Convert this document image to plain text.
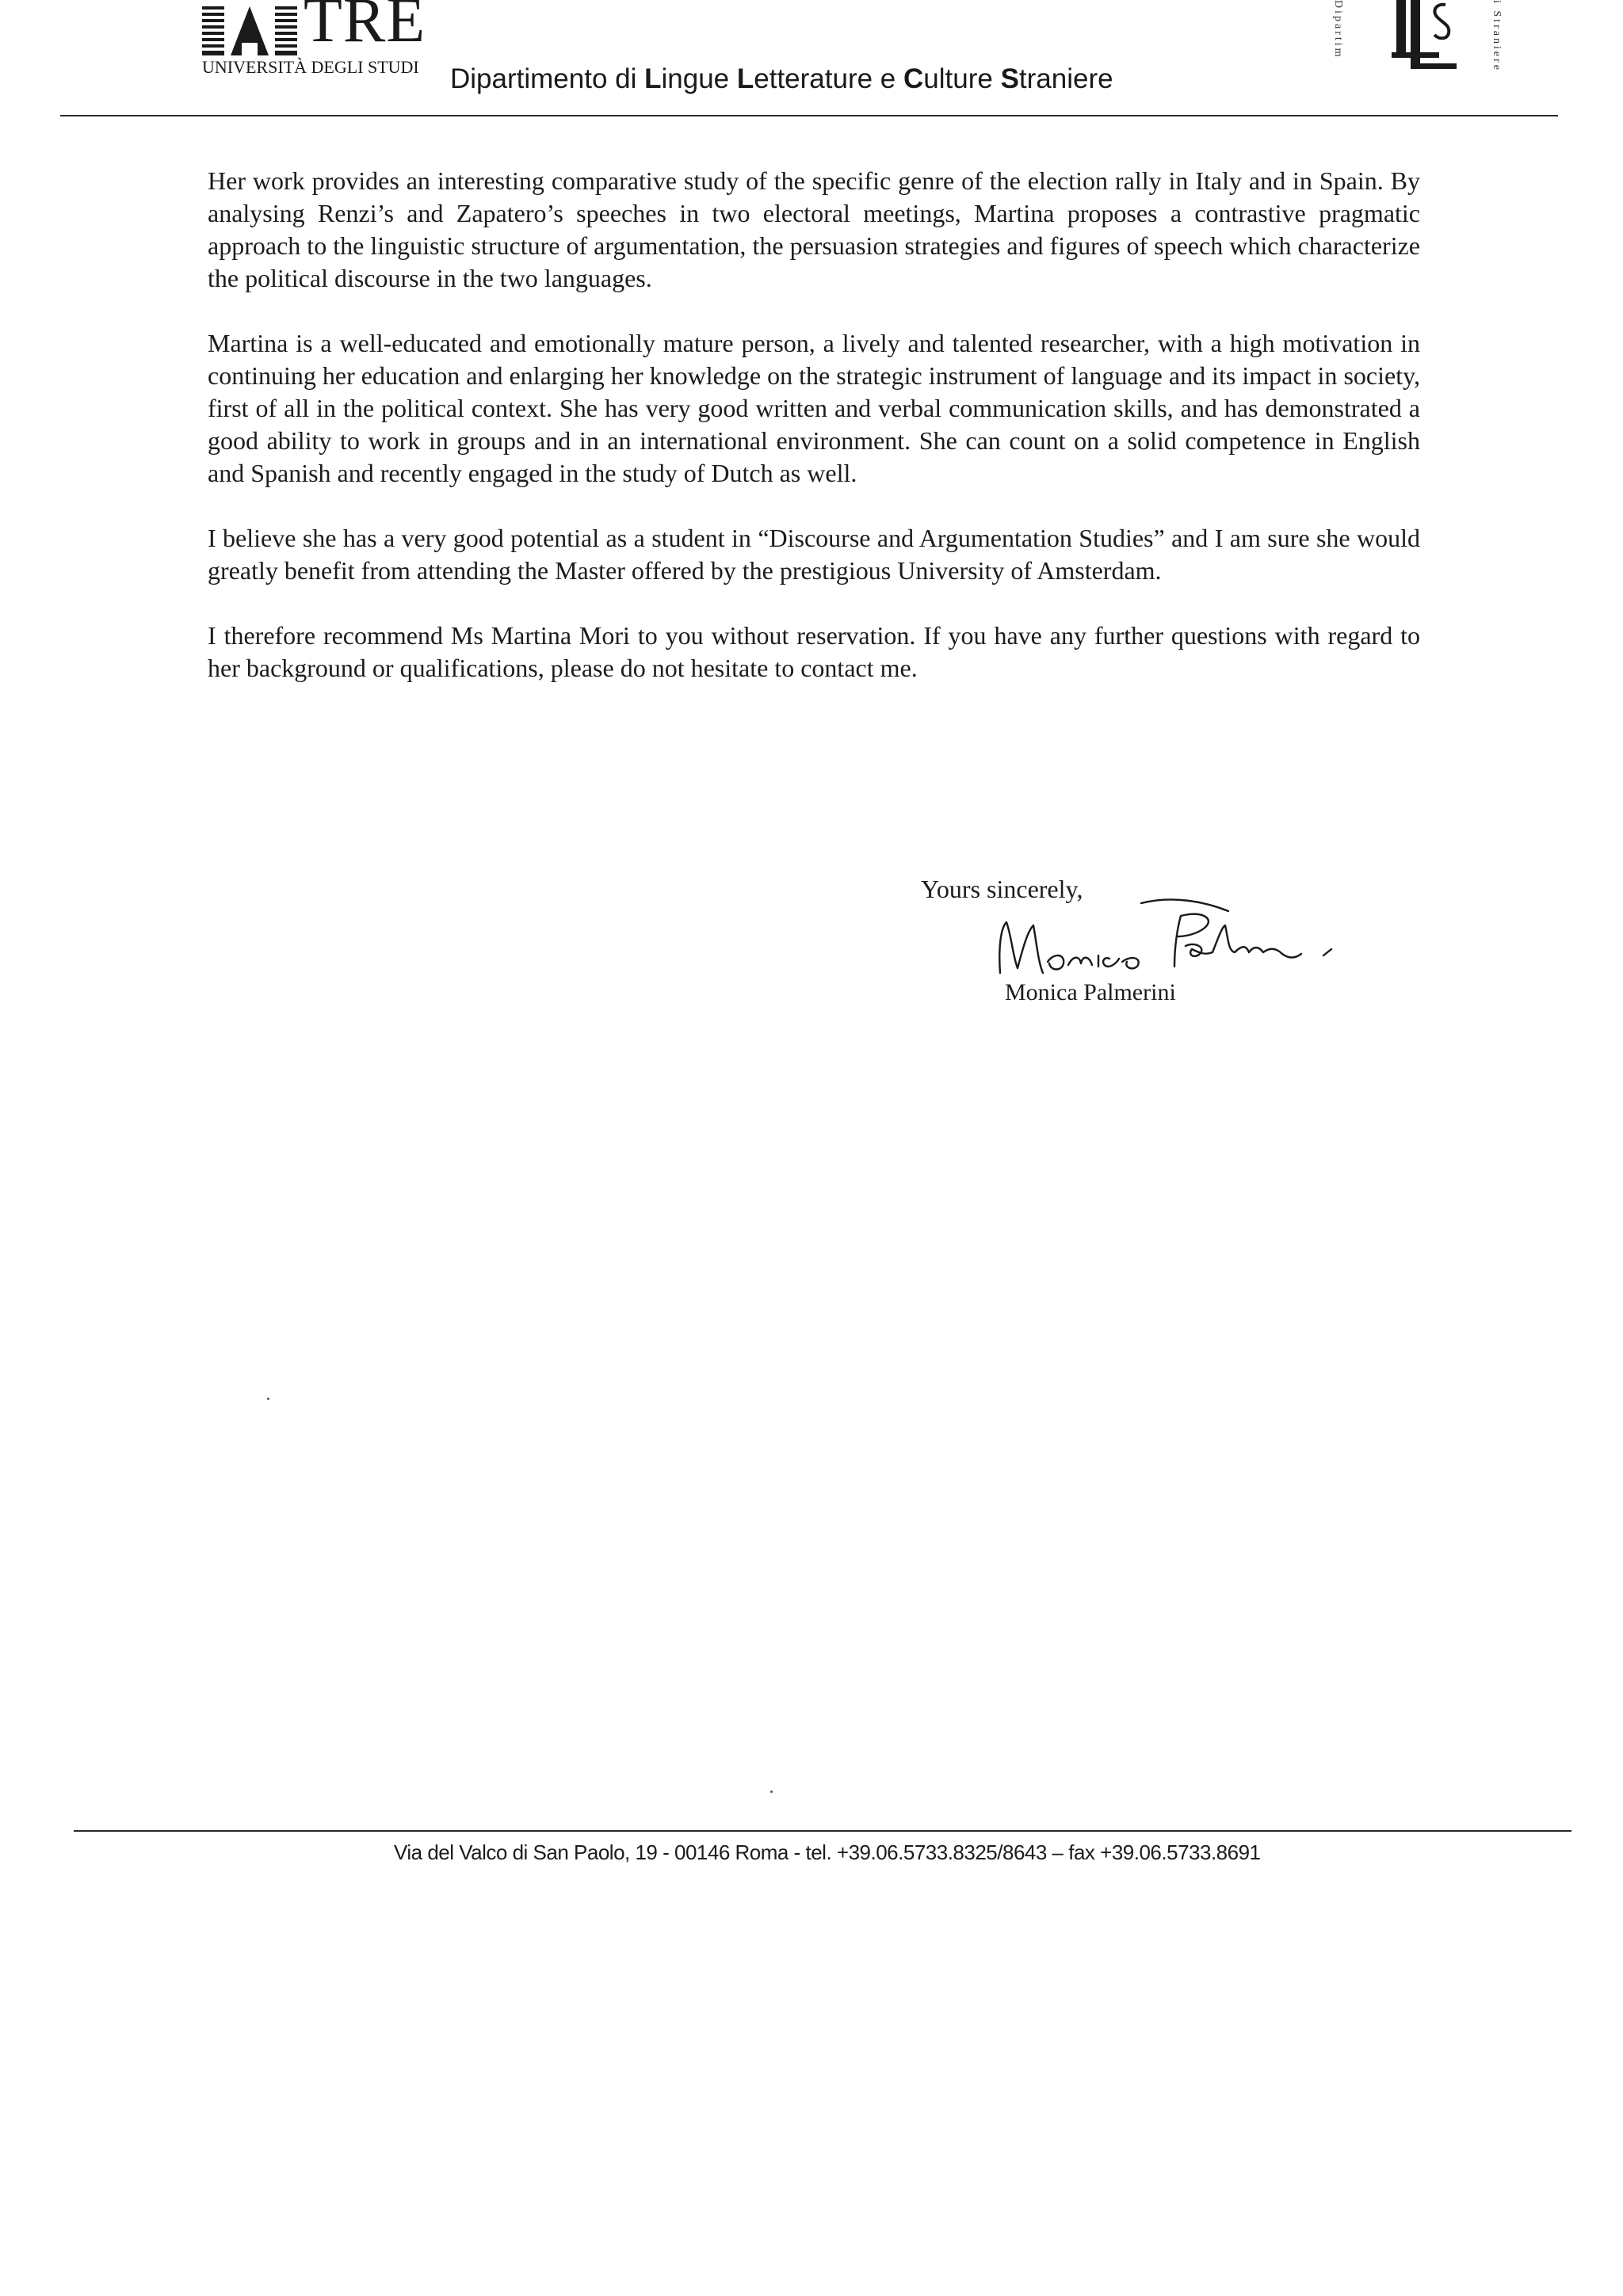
TRE
UNIVERSITÀ DEGLI STUDI Dipartimento di Lingue Letterature e Culture Straniere
Dipartim	i Straniere

Her work provides an interesting comparative study of the specific genre of the election rally in Italy and in Spain. By analysing Renzi’s and Zapatero’s speeches in two electoral meetings, Martina proposes a contrastive pragmatic approach to the linguistic structure of argumentation, the persuasion strategies and figures of speech which characterize the political discourse in the two languages.

Martina is a well-educated and emotionally mature person, a lively and talented researcher, with a high motivation in continuing her education and enlarging her knowledge on the strategic instrument of language and its impact in society, first of all in the political context. She has very good written and verbal communication skills, and has demonstrated a good ability to work in groups and in an international environment. She can count on a solid competence in English and Spanish and recently engaged in the study of Dutch as well.

I believe she has a very good potential as a student in “Discourse and Argumentation Studies” and I am sure she would greatly benefit from attending the Master offered by the prestigious University of Amsterdam.

I therefore recommend Ms Martina Mori to you without reservation. If you have any further questions with regard to her background or qualifications, please do not hesitate to contact me.

Yours sincerely,
Monica Palmerini
Via del Valco di San Paolo, 19 - 00146 Roma - tel. +39.06.5733.8325/8643 – fax +39.06.5733.8691
